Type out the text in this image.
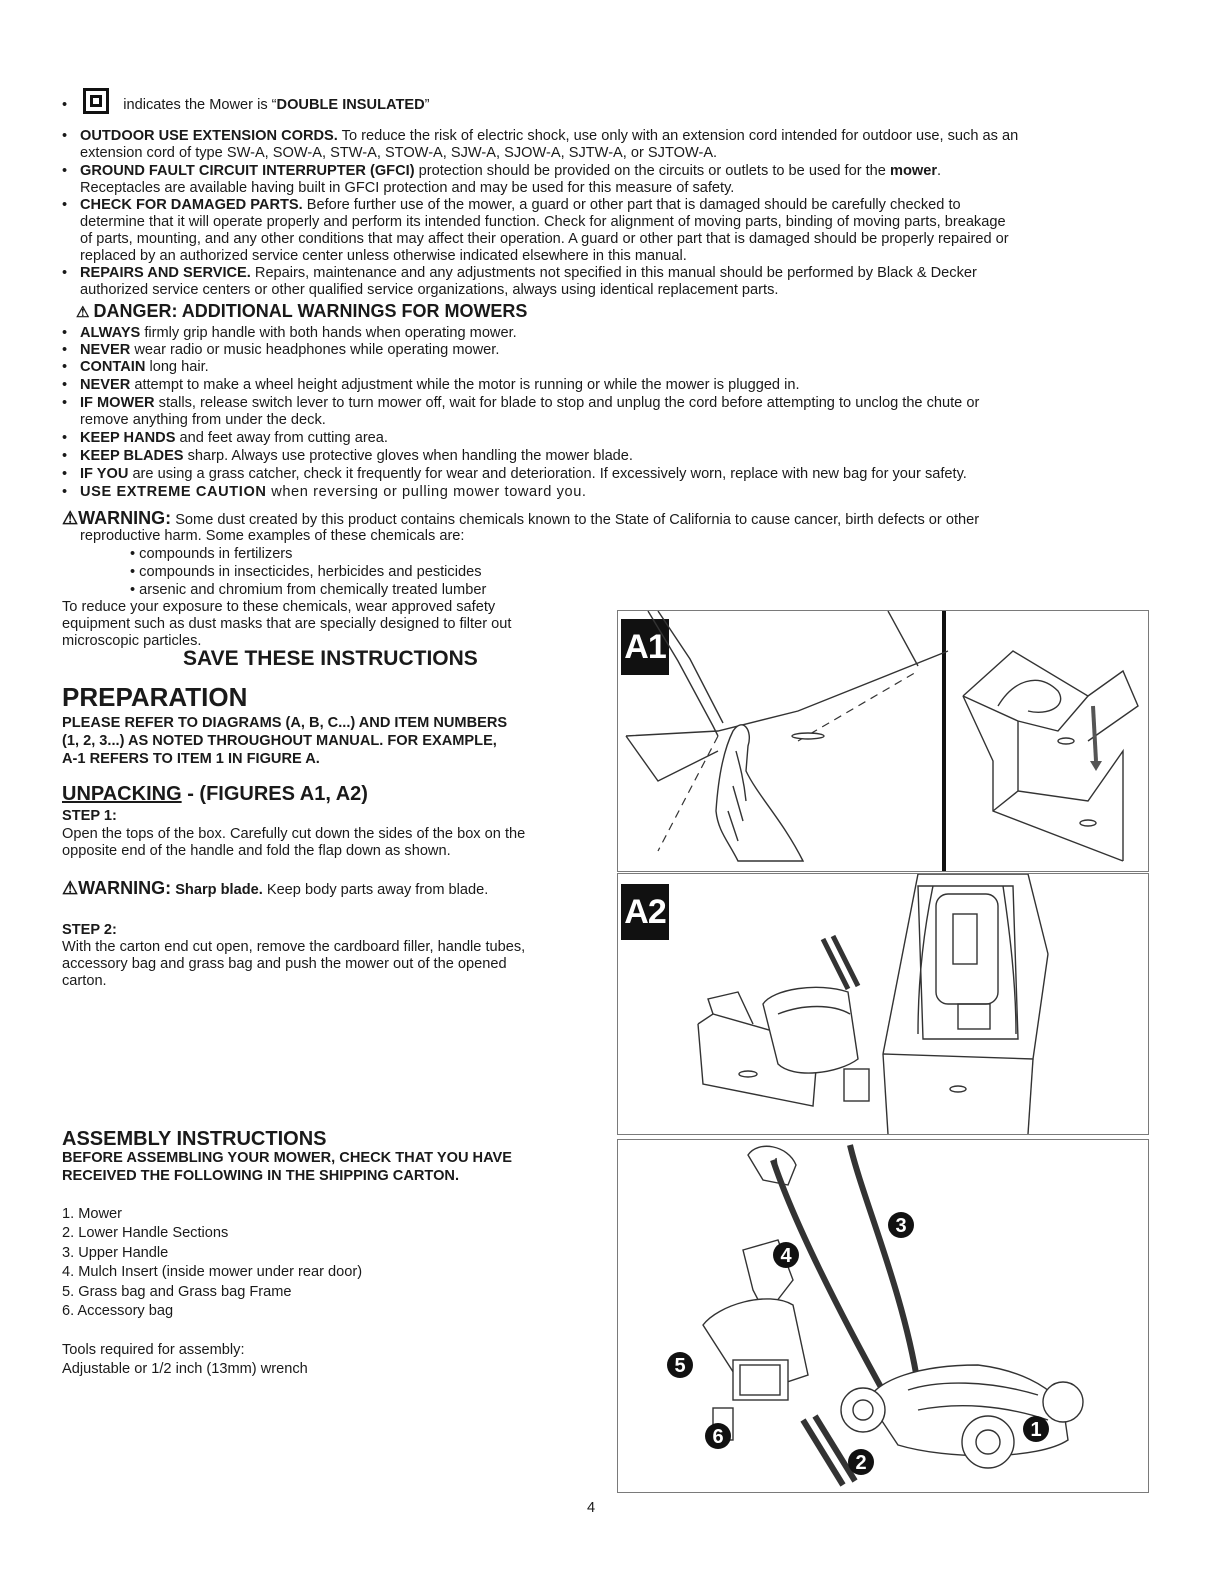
•	indicates the Mower is “DOUBLE INSULATED”
• OUTDOOR USE EXTENSION CORDS. To reduce the risk of electric shock, use only with an extension cord intended for outdoor use, such as an
extension cord of type SW-A, SOW-A, STW-A, STOW-A, SJW-A, SJOW-A, SJTW-A, or SJTOW-A.
• GROUND FAULT CIRCUIT INTERRUPTER (GFCI) protection should be provided on the circuits or outlets to be used for the mower.
Receptacles are available having built in GFCI protection and may be used for this measure of safety.
• CHECK FOR DAMAGED PARTS. Before further use of the mower, a guard or other part that is damaged should be carefully checked to
determine that it will operate properly and perform its intended function. Check for alignment of moving parts, binding of moving parts, breakage
of parts, mounting, and any other conditions that may affect their operation. A guard or other part that is damaged should be properly repaired or
replaced by an authorized service center unless otherwise indicated elsewhere in this manual.
• REPAIRS AND SERVICE. Repairs, maintenance and any adjustments not specified in this manual should be performed by Black & Decker
authorized service centers or other qualified service organizations, always using identical replacement parts.
⚠ DANGER: ADDITIONAL WARNINGS FOR MOWERS
• ALWAYS firmly grip handle with both hands when operating mower.
• NEVER wear radio or music headphones while operating mower.
• CONTAIN long hair.
• NEVER attempt to make a wheel height adjustment while the motor is running or while the mower is plugged in.
• IF MOWER stalls, release switch lever to turn mower off, wait for blade to stop and unplug the cord before attempting to unclog the chute or
remove anything from under the deck.
• KEEP HANDS and feet away from cutting area.
• KEEP BLADES sharp. Always use protective gloves when handling the mower blade.
• IF YOU are using a grass catcher, check it frequently for wear and deterioration. If excessively worn, replace with new bag for your safety.
• USE EXTREME CAUTION when reversing or pulling mower toward you.
⚠WARNING: Some dust created by this product contains chemicals known to the State of California to cause cancer, birth defects or other
reproductive harm. Some examples of these chemicals are:
• compounds in fertilizers
• compounds in insecticides, herbicides and pesticides
• arsenic and chromium from chemically treated lumber
To reduce your exposure to these chemicals, wear approved safety
equipment such as dust masks that are specially designed to filter out
microscopic particles.
SAVE THESE INSTRUCTIONS
PREPARATION
PLEASE REFER TO DIAGRAMS (A, B, C...) AND ITEM NUMBERS
(1, 2, 3...) AS NOTED THROUGHOUT MANUAL. FOR EXAMPLE,
A-1 REFERS TO ITEM 1 IN FIGURE A.
UNPACKING - (FIGURES A1, A2)
STEP 1:
Open the tops of the box. Carefully cut down the sides of the box on the
opposite end of the handle and fold the flap down as shown.
⚠WARNING: Sharp blade. Keep body parts away from blade.
STEP 2:
With the carton end cut open, remove the cardboard filler, handle tubes,
accessory bag and grass bag and push the mower out of the opened
carton.
ASSEMBLY INSTRUCTIONS
BEFORE ASSEMBLING YOUR MOWER, CHECK THAT YOU HAVE
RECEIVED THE FOLLOWING IN THE SHIPPING CARTON.
1. Mower
2. Lower Handle Sections
3. Upper Handle
4. Mulch Insert (inside mower under rear door)
5. Grass bag and Grass bag Frame
6. Accessory bag
Tools required for assembly:
Adjustable or 1/2 inch (13mm) wrench
A1
A2
1
2
3
4
5
6
4
